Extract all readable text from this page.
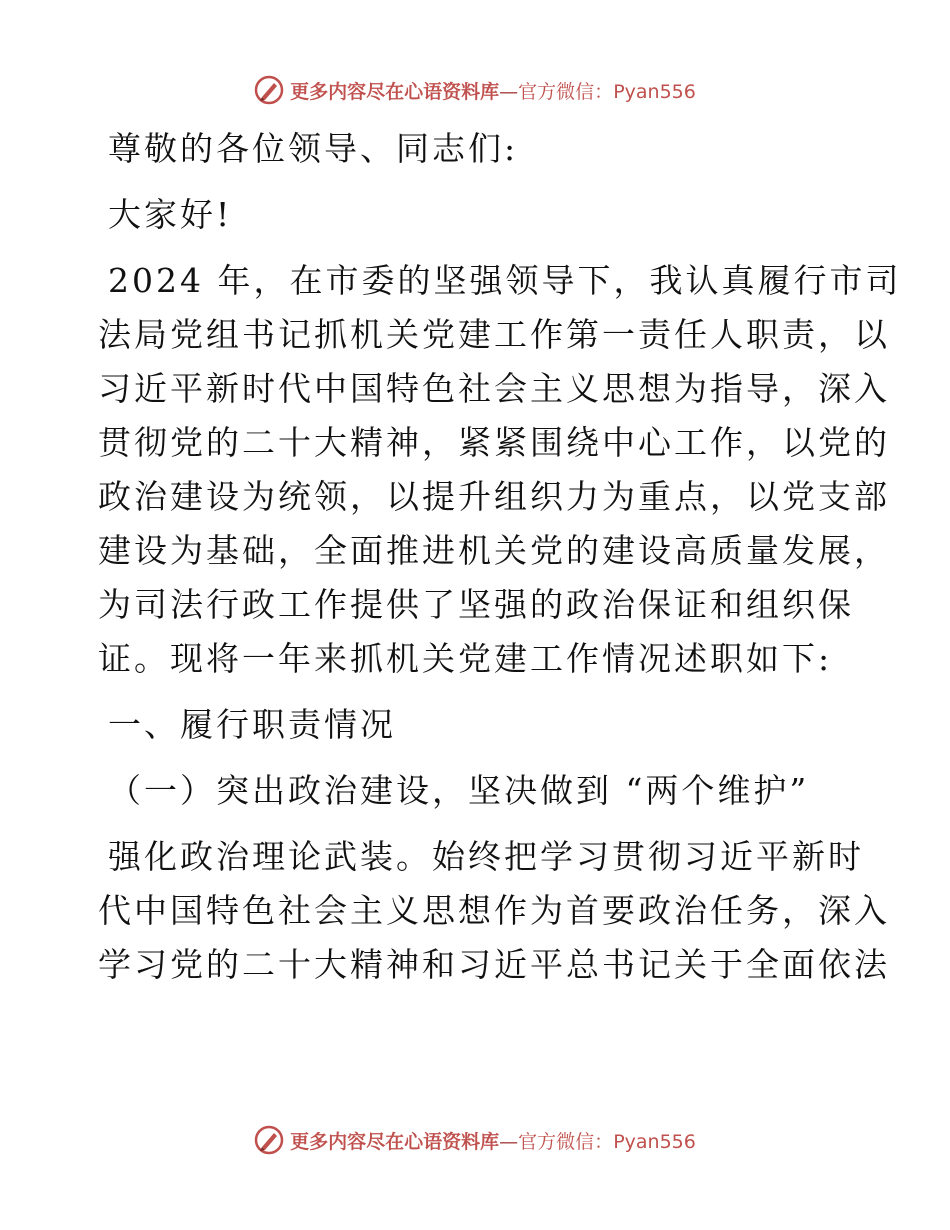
更多内容尽在心语资料库—官方微信：Pyan556
尊敬的各位领导、同志们:
大家好!
2024 年，在市委的坚强领导下，我认真履行市司
法局党组书记抓机关党建工作第一责任人职责，以
习近平新时代中国特色社会主义思想为指导，深入
贯彻党的二十大精神，紧紧围绕中心工作，以党的
政治建设为统领，以提升组织力为重点，以党支部
建设为基础，全面推进机关党的建设高质量发展，
为司法行政工作提供了坚强的政治保证和组织保
证。现将一年来抓机关党建工作情况述职如下:
一、履行职责情况
（一）突出政治建设，坚决做到 “两个维护”
强化政治理论武装。始终把学习贯彻习近平新时
代中国特色社会主义思想作为首要政治任务，深入
学习党的二十大精神和习近平总书记关于全面依法
更多内容尽在心语资料库—官方微信：Pyan556
